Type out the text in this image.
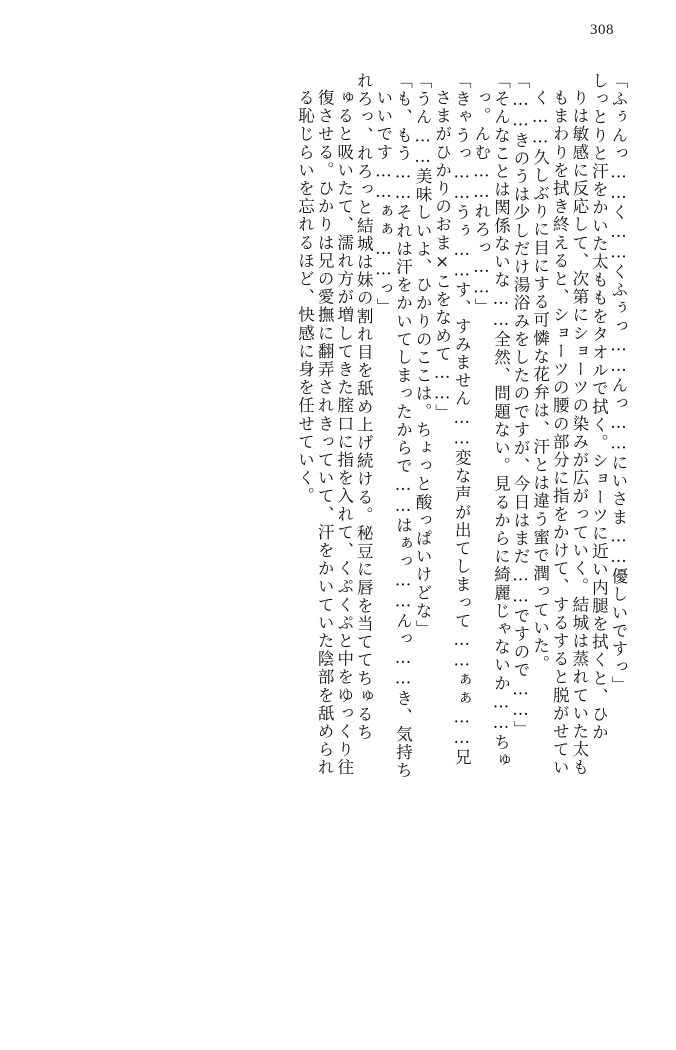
308
「ふぅんっ……く……くふぅっ……んっ……にいさま……優しいですっ」
しっとりと汗をかいた太ももをタオルで拭く。ショーツに近い内腿を拭くと、ひか
りは敏感に反応して、次第にショーツの染みが広がっていく。結城は蒸れていた太も
もまわりを拭き終えると、ショーツの腰の部分に指をかけて、するすると脱がせてい
く……久しぶりに目にする可憐な花弁は、汗とは違う蜜で潤っていた。
「……きのうは少しだけ湯浴みをしたのですが、今日はまだ……ですので……」
「そんなことは関係ないな……全然、問題ない。見るからに綺麗じゃないか……ちゅ
っ。んむ……れろっ……」
「きゃうっ……うぅ……す、すみません……変な声が出てしまって……ぁぁ……兄
さまがひかりのおま×こをなめて……」
「うん……美味しいよ、ひかりのここは。ちょっと酸っぱいけどな」
「も、もう……それは汗をかいてしまったからで……はぁっ……んっ……き、気持ち
いいです……ぁぁ……っ」
れろっ、れろっと結城は妹の割れ目を舐め上げ続ける。秘豆に唇を当ててちゅるち
ゅると吸いたて、濡れ方が増してきた腟口に指を入れて、くぷくぷと中をゆっくり往
復させる。ひかりは兄の愛撫に翻弄されきっていて、汗をかいていた陰部を舐められ
る恥じらいを忘れるほど、快感に身を任せていく。
